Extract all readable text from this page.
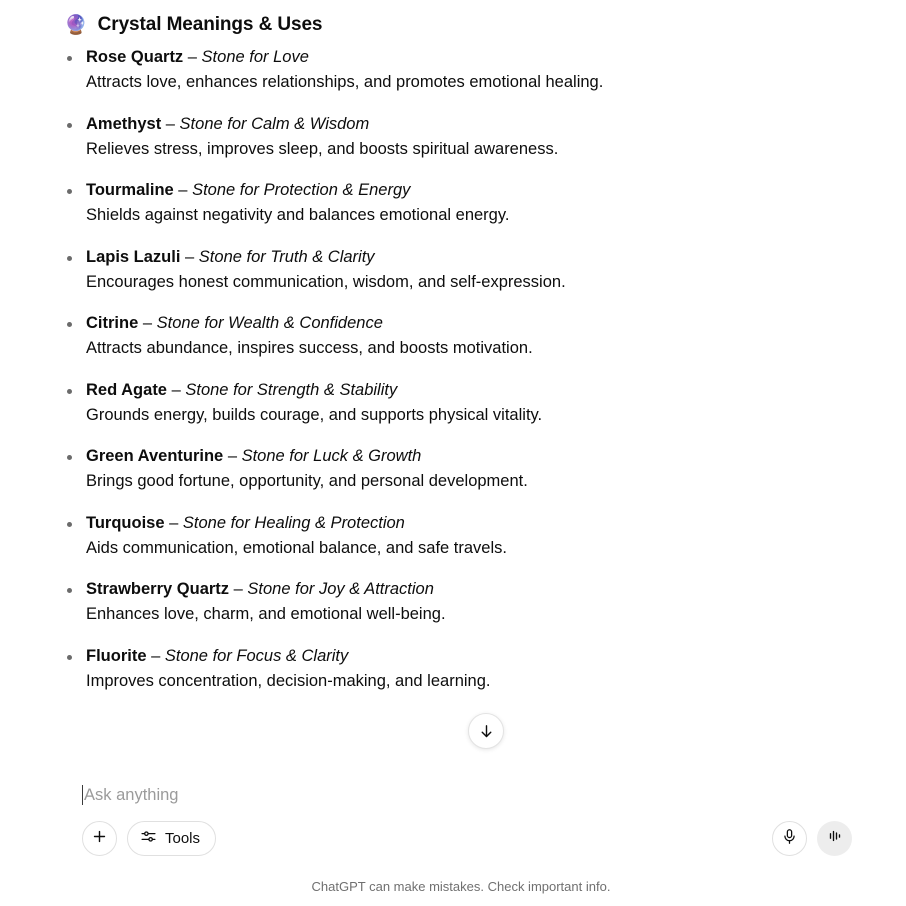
🔮 Crystal Meanings & Uses
Rose Quartz – Stone for Love
Attracts love, enhances relationships, and promotes emotional healing.
Amethyst – Stone for Calm & Wisdom
Relieves stress, improves sleep, and boosts spiritual awareness.
Tourmaline – Stone for Protection & Energy
Shields against negativity and balances emotional energy.
Lapis Lazuli – Stone for Truth & Clarity
Encourages honest communication, wisdom, and self-expression.
Citrine – Stone for Wealth & Confidence
Attracts abundance, inspires success, and boosts motivation.
Red Agate – Stone for Strength & Stability
Grounds energy, builds courage, and supports physical vitality.
Green Aventurine – Stone for Luck & Growth
Brings good fortune, opportunity, and personal development.
Turquoise – Stone for Healing & Protection
Aids communication, emotional balance, and safe travels.
Strawberry Quartz – Stone for Joy & Attraction
Enhances love, charm, and emotional well-being.
Fluorite – Stone for Focus & Clarity
Improves concentration, decision-making, and learning.
Ask anything
Tools
ChatGPT can make mistakes. Check important info.
